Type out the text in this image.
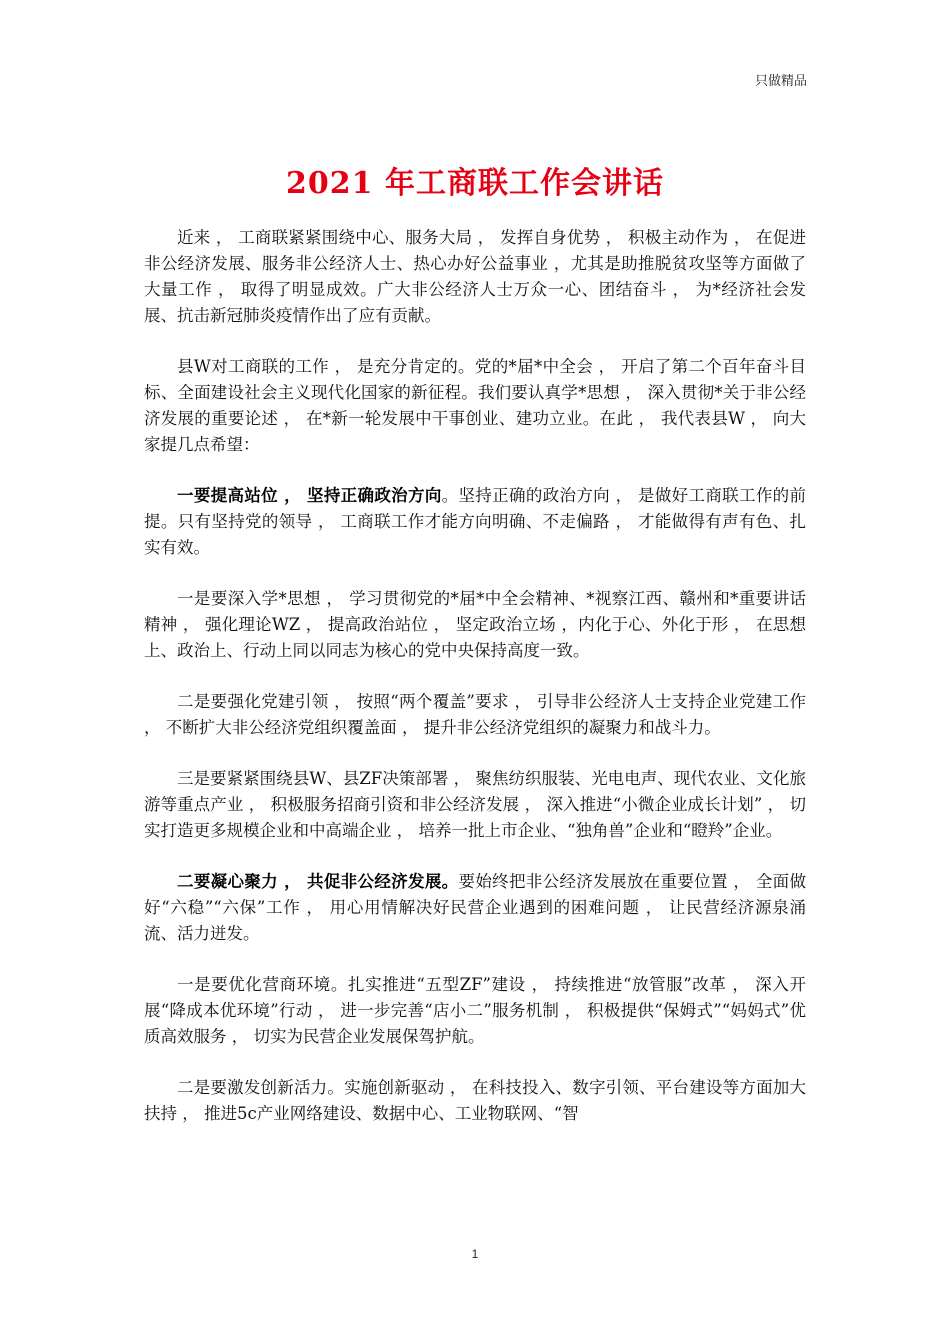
只做精品
2021 年工商联工作会讲话

近来 ， 工商联紧紧围绕中心、服务大局 ， 发挥自身优势 ， 积极主动作为 ， 在促进非公经济发展、服务非公经济人士、热心办好公益事业 ，尤其是助推脱贫攻坚等方面做了大量工作 ， 取得了明显成效。广大非公经济人士万众一心、团结奋斗 ， 为*经济社会发展、抗击新冠肺炎疫情作出了应有贡献。

县W对工商联的工作 ， 是充分肯定的。党的*届*中全会 ， 开启了第二个百年奋斗目标、全面建设社会主义现代化国家的新征程。我们要认真学*思想 ， 深入贯彻*关于非公经济发展的重要论述 ， 在*新一轮发展中干事创业、建功立业。在此 ， 我代表县W ， 向大家提几点希望：

一要提高站位 ， 坚持正确政治方向。坚持正确的政治方向 ， 是做好工商联工作的前提。只有坚持党的领导 ， 工商联工作才能方向明确、不走偏路 ， 才能做得有声有色、扎实有效。

一是要深入学*思想 ， 学习贯彻党的*届*中全会精神、*视察江西、赣州和*重要讲话精神 ， 强化理论WZ ， 提高政治站位 ， 坚定政治立场 ，内化于心、外化于形 ， 在思想上、政治上、行动上同以同志为核心的党中央保持高度一致。

二是要强化党建引领 ， 按照“两个覆盖”要求 ， 引导非公经济人士支持企业党建工作 ， 不断扩大非公经济党组织覆盖面 ， 提升非公经济党组织的凝聚力和战斗力。

三是要紧紧围绕县W、县ZF决策部署 ， 聚焦纺织服装、光电电声、现代农业、文化旅游等重点产业 ， 积极服务招商引资和非公经济发展 ， 深入推进“小微企业成长计划” ， 切实打造更多规模企业和中高端企业 ， 培养一批上市企业、“独角兽”企业和“瞪羚”企业。

二要凝心聚力 ， 共促非公经济发展。要始终把非公经济发展放在重要位置 ， 全面做好“六稳”“六保”工作 ， 用心用情解决好民营企业遇到的困难问题 ， 让民营经济源泉涌流、活力迸发。

一是要优化营商环境。扎实推进“五型ZF”建设 ， 持续推进“放管服”改革 ， 深入开展“降成本优环境”行动 ， 进一步完善“店小二”服务机制 ， 积极提供“保姆式”“妈妈式”优质高效服务 ， 切实为民营企业发展保驾护航。

二是要激发创新活力。实施创新驱动 ， 在科技投入、数字引领、平台建设等方面加大扶持 ， 推进5c产业网络建设、数据中心、工业物联网、“智

1
